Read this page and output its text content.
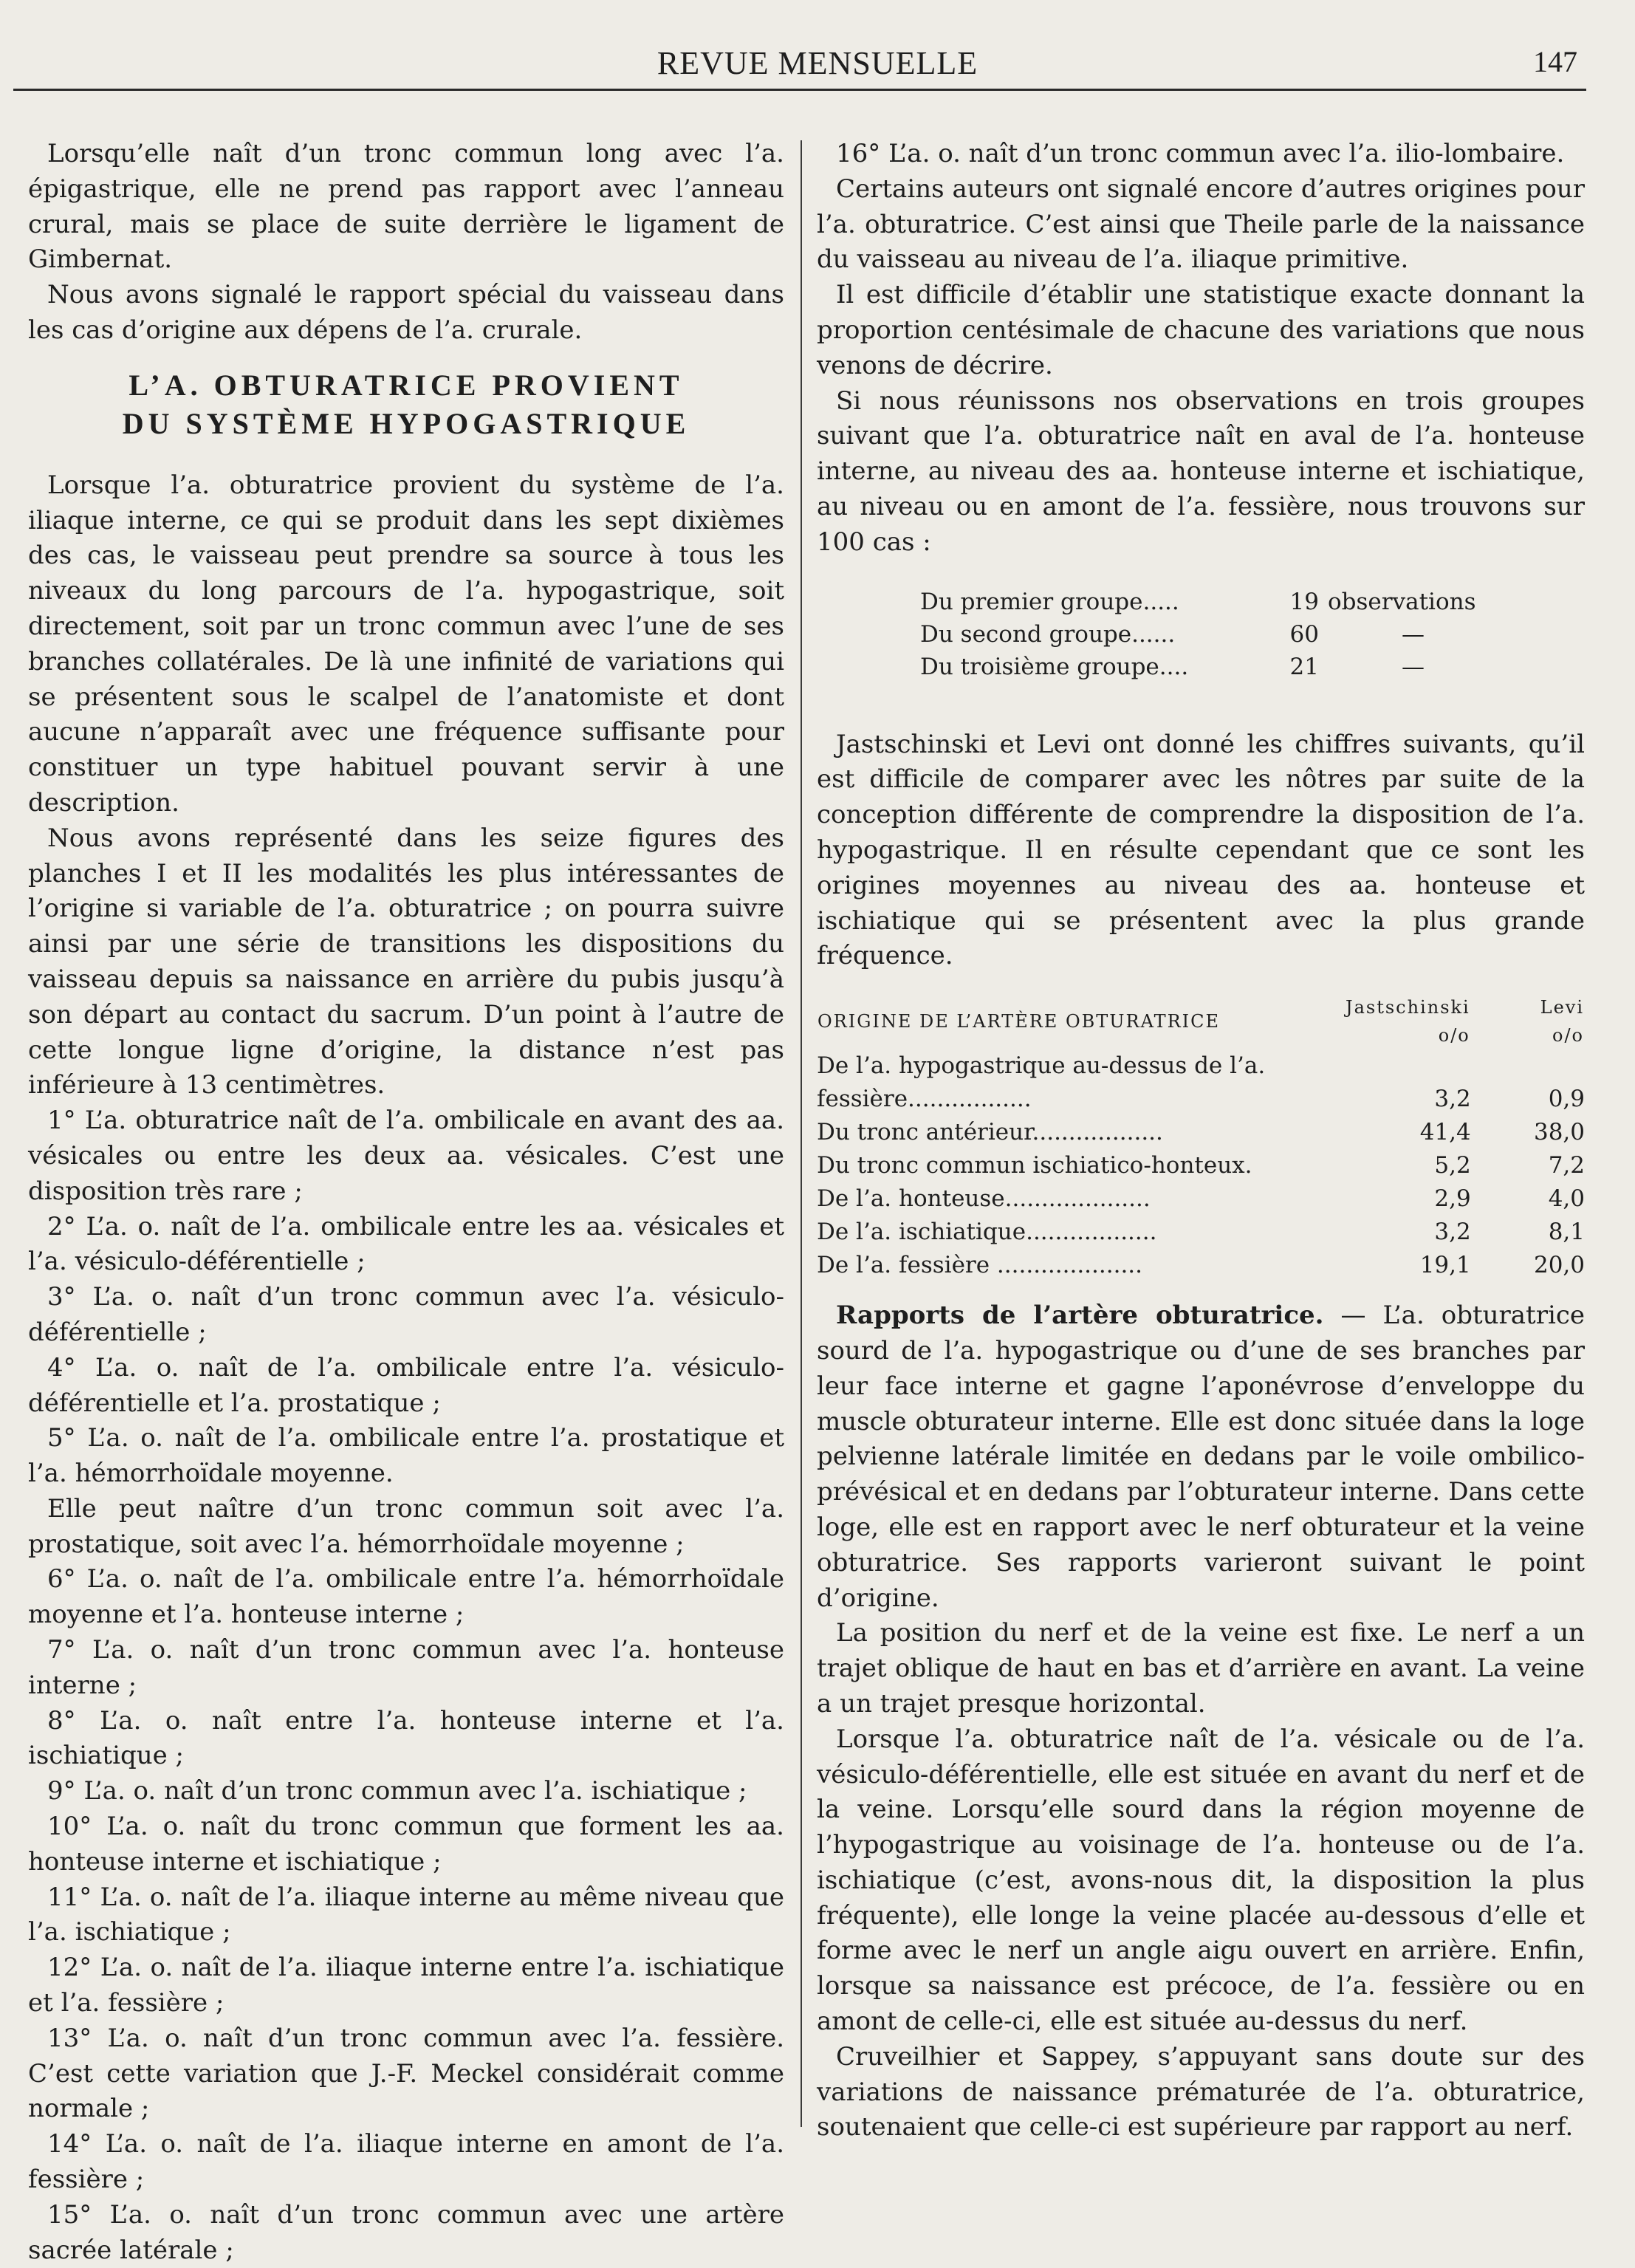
REVUE MENSUELLE	147

Lorsqu’elle naît d’un tronc commun long avec l’a. épigastrique, elle ne prend pas rapport avec l’anneau crural, mais se place de suite derrière le ligament de Gimbernat.

Nous avons signalé le rapport spécial du vaisseau dans les cas d’origine aux dépens de l’a. crurale.

L’A. OBTURATRICE PROVIENT
DU SYSTÈME HYPOGASTRIQUE

Lorsque l’a. obturatrice provient du système de l’a. iliaque interne, ce qui se produit dans les sept dixièmes des cas, le vaisseau peut prendre sa source à tous les niveaux du long parcours de l’a. hypogastrique, soit directement, soit par un tronc commun avec l’une de ses branches collatérales. De là une infinité de variations qui se présentent sous le scalpel de l’anatomiste et dont aucune n’apparaît avec une fréquence suffisante pour constituer un type habituel pouvant servir à une description.

Nous avons représenté dans les seize figures des planches I et II les modalités les plus intéressantes de l’origine si variable de l’a. obturatrice ; on pourra suivre ainsi par une série de transitions les dispositions du vaisseau depuis sa naissance en arrière du pubis jusqu’à son départ au contact du sacrum. D’un point à l’autre de cette longue ligne d’origine, la distance n’est pas inférieure à 13 centimètres.

1° L’a. obturatrice naît de l’a. ombilicale en avant des aa. vésicales ou entre les deux aa. vésicales. C’est une disposition très rare ;

2° L’a. o. naît de l’a. ombilicale entre les aa. vésicales et l’a. vésiculo-déférentielle ;

3° L’a. o. naît d’un tronc commun avec l’a. vésiculo-déférentielle ;

4° L’a. o. naît de l’a. ombilicale entre l’a. vésiculo-déférentielle et l’a. prostatique ;

5° L’a. o. naît de l’a. ombilicale entre l’a. prostatique et l’a. hémorrhoïdale moyenne.

Elle peut naître d’un tronc commun soit avec l’a. prostatique, soit avec l’a. hémorrhoïdale moyenne ;

6° L’a. o. naît de l’a. ombilicale entre l’a. hémorrhoïdale moyenne et l’a. honteuse interne ;

7° L’a. o. naît d’un tronc commun avec l’a. honteuse interne ;

8° L’a. o. naît entre l’a. honteuse interne et l’a. ischiatique ;

9° L’a. o. naît d’un tronc commun avec l’a. ischiatique ;

10° L’a. o. naît du tronc commun que forment les aa. honteuse interne et ischiatique ;

11° L’a. o. naît de l’a. iliaque interne au même niveau que l’a. ischiatique ;

12° L’a. o. naît de l’a. iliaque interne entre l’a. ischiatique et l’a. fessière ;

13° L’a. o. naît d’un tronc commun avec l’a. fessière. C’est cette variation que J.-F. Meckel considérait comme normale ;

14° L’a. o. naît de l’a. iliaque interne en amont de l’a. fessière ;

15° L’a. o. naît d’un tronc commun avec une artère sacrée latérale ;

16° L’a. o. naît d’un tronc commun avec l’a. ilio-lombaire.

Certains auteurs ont signalé encore d’autres origines pour l’a. obturatrice. C’est ainsi que Theile parle de la naissance du vaisseau au niveau de l’a. iliaque primitive.

Il est difficile d’établir une statistique exacte donnant la proportion centésimale de chacune des variations que nous venons de décrire.

Si nous réunissons nos observations en trois groupes suivant que l’a. obturatrice naît en aval de l’a. honteuse interne, au niveau des aa. honteuse interne et ischiatique, au niveau ou en amont de l’a. fessière, nous trouvons sur 100 cas :

Du premier groupe.....	19	observations
Du second groupe......	60	—
Du troisième groupe....	21	—

Jastschinski et Levi ont donné les chiffres suivants, qu’il est difficile de comparer avec les nôtres par suite de la conception différente de comprendre la disposition de l’a. hypogastrique. Il en résulte cependant que ce sont les origines moyennes au niveau des aa. honteuse et ischiatique qui se présentent avec la plus grande fréquence.

ORIGINE DE L’ARTÈRE OBTURATRICE	Jastschinski	Levi
	o/o	o/o
De l’a. hypogastrique au-dessus de l’a. fessière.................	3,2	0,9
Du tronc antérieur..................	41,4	38,0
Du tronc commun ischiatico-honteux.	5,2	7,2
De l’a. honteuse....................	2,9	4,0
De l’a. ischiatique..................	3,2	8,1
De l’a. fessière ....................	19,1	20,0

Rapports de l’artère obturatrice. — L’a. obturatrice sourd de l’a. hypogastrique ou d’une de ses branches par leur face interne et gagne l’aponévrose d’enveloppe du muscle obturateur interne. Elle est donc située dans la loge pelvienne latérale limitée en dedans par le voile ombilico-prévésical et en dedans par l’obturateur interne. Dans cette loge, elle est en rapport avec le nerf obturateur et la veine obturatrice. Ses rapports varieront suivant le point d’origine.

La position du nerf et de la veine est fixe. Le nerf a un trajet oblique de haut en bas et d’arrière en avant. La veine a un trajet presque horizontal.

Lorsque l’a. obturatrice naît de l’a. vésicale ou de l’a. vésiculo-déférentielle, elle est située en avant du nerf et de la veine. Lorsqu’elle sourd dans la région moyenne de l’hypogastrique au voisinage de l’a. honteuse ou de l’a. ischiatique (c’est, avons-nous dit, la disposition la plus fréquente), elle longe la veine placée au-dessous d’elle et forme avec le nerf un angle aigu ouvert en arrière. Enfin, lorsque sa naissance est précoce, de l’a. fessière ou en amont de celle-ci, elle est située au-dessus du nerf.

Cruveilhier et Sappey, s’appuyant sans doute sur des variations de naissance prématurée de l’a. obturatrice, soutenaient que celle-ci est supérieure par rapport au nerf.
